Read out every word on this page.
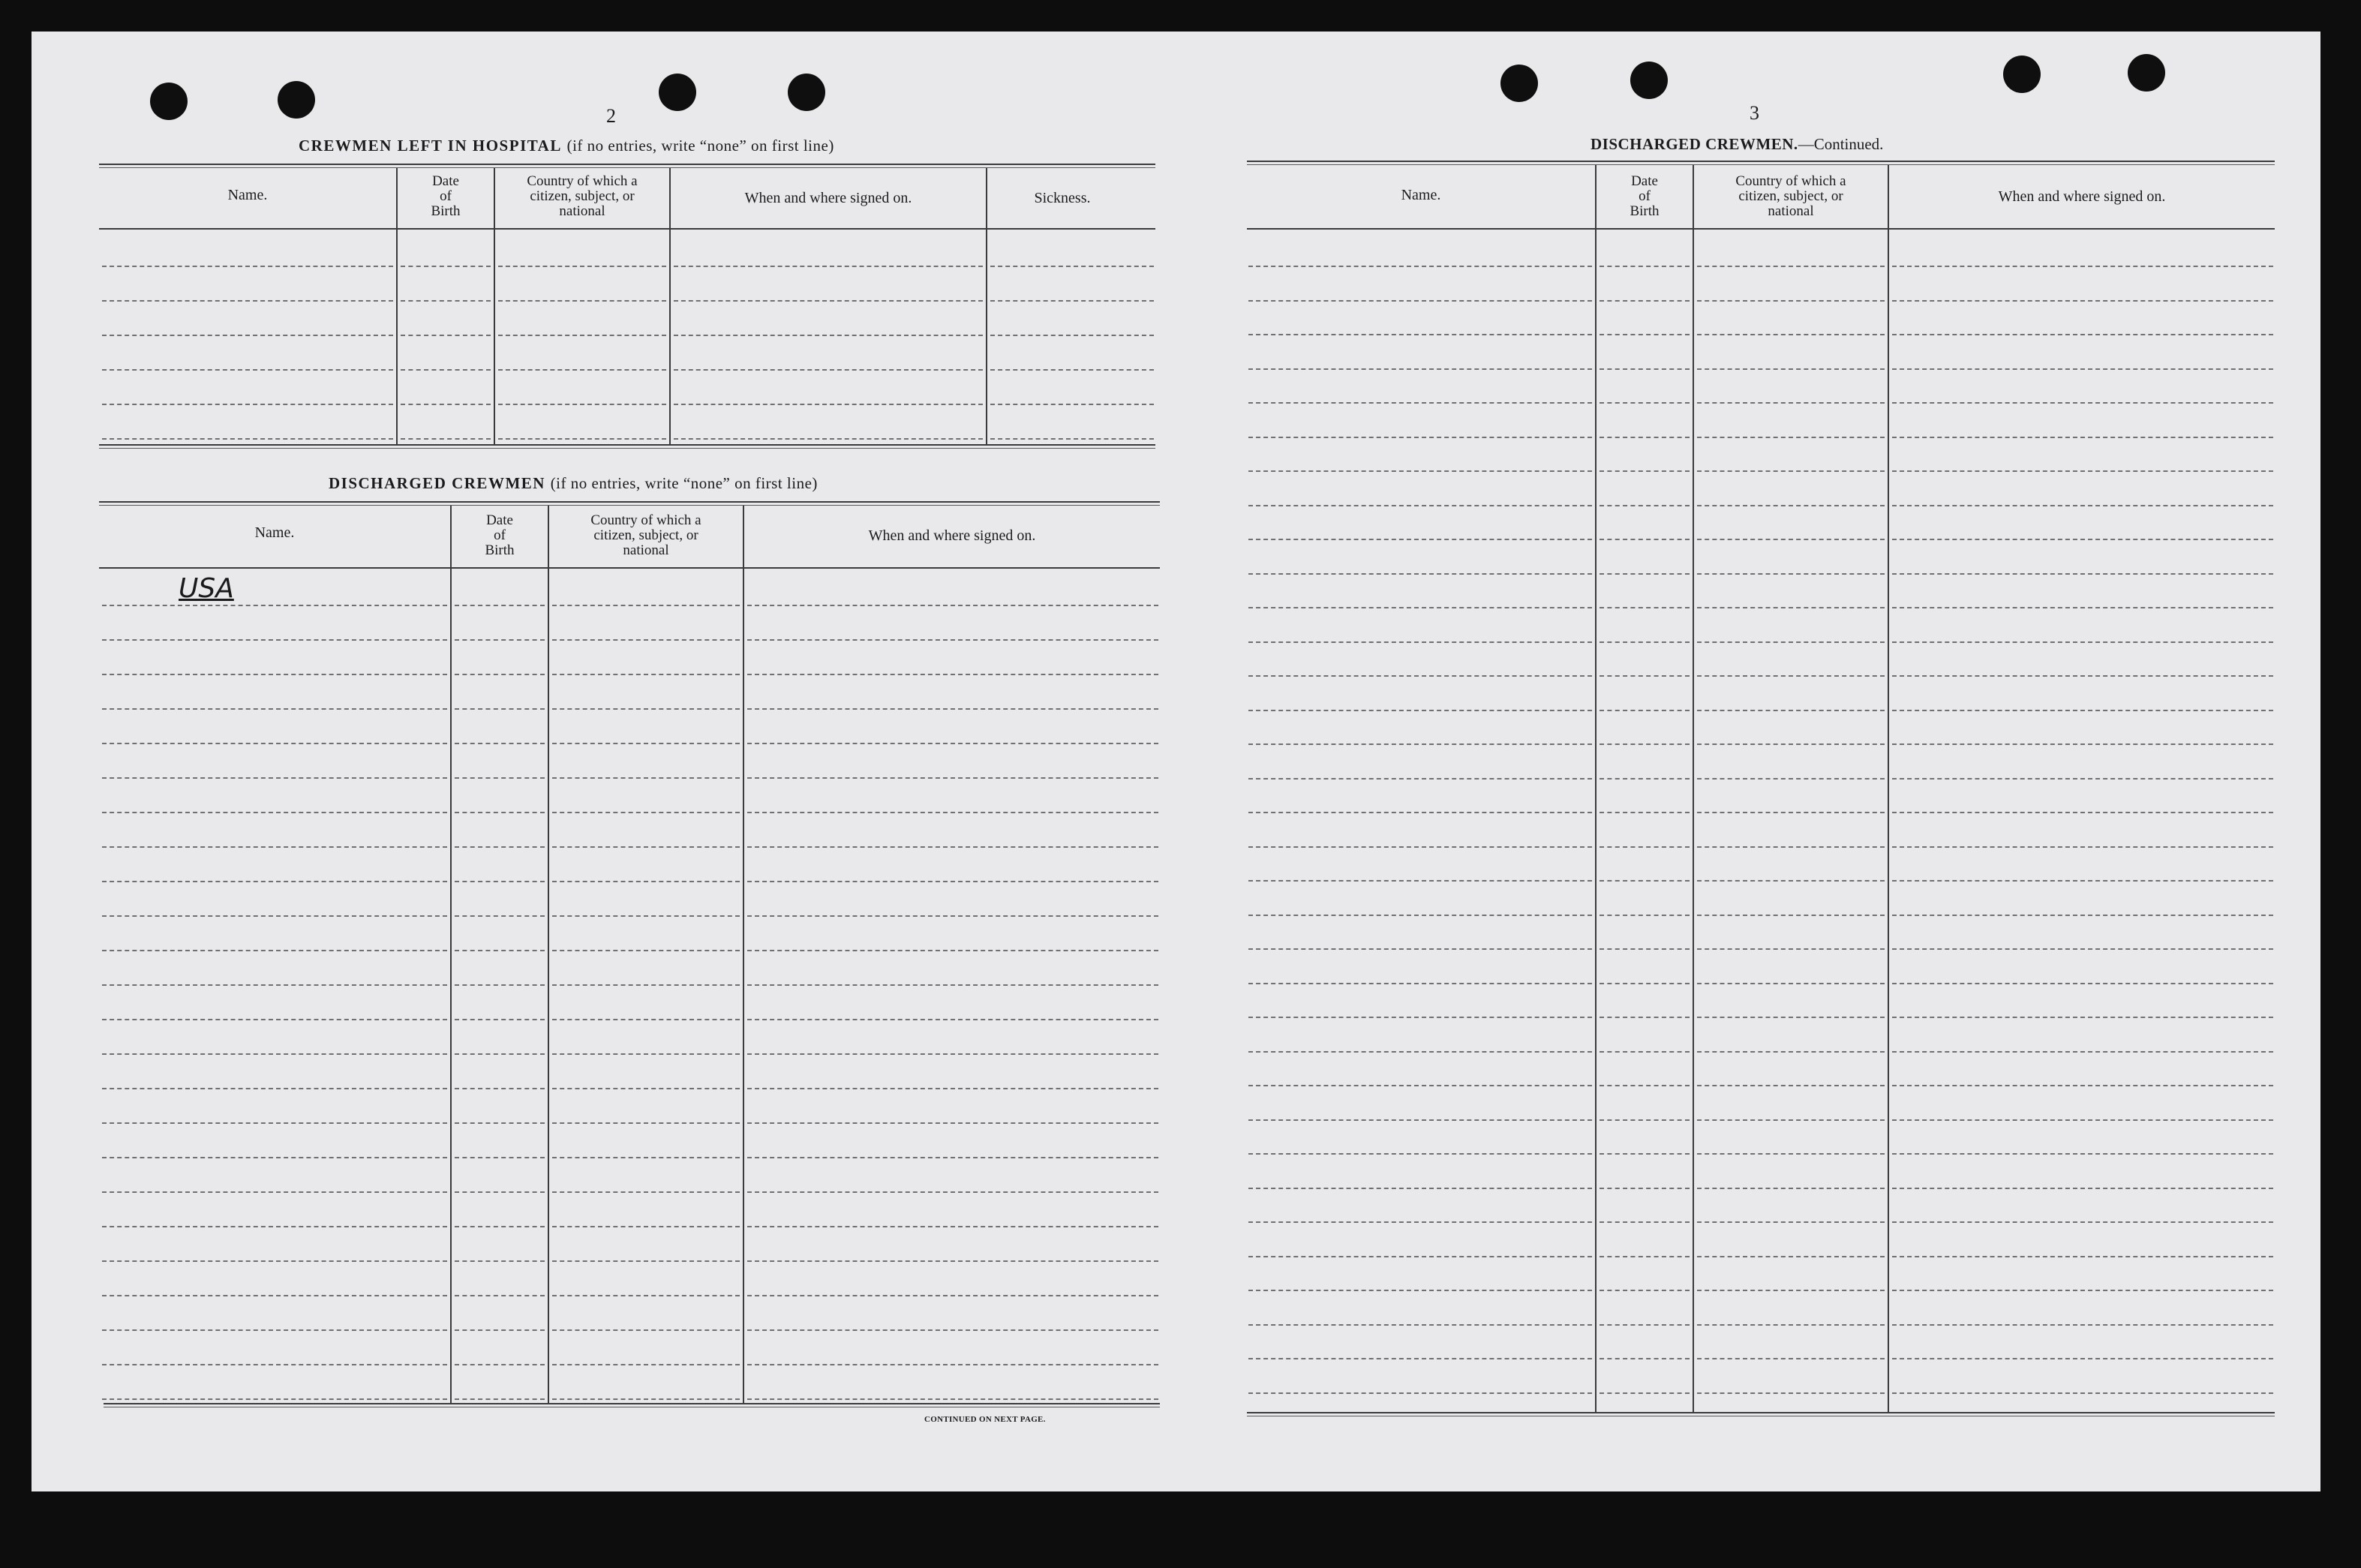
2
CREWMEN LEFT IN HOSPITAL (if no entries, write “none” on first line)
Name.
Date
of
Birth
Country of which a
citizen, subject, or
national
When and where signed on.	Sickness.
DISCHARGED CREWMEN (if no entries, write “none” on first line)
Name.
Date
of
Birth
Country of which a
citizen, subject, or
national
When and where signed on.
USA
CONTINUED ON NEXT PAGE.
3
DISCHARGED CREWMEN.—Continued.
Name.
Date
of
Birth
Country of which a
citizen, subject, or
national
When and where signed on.
